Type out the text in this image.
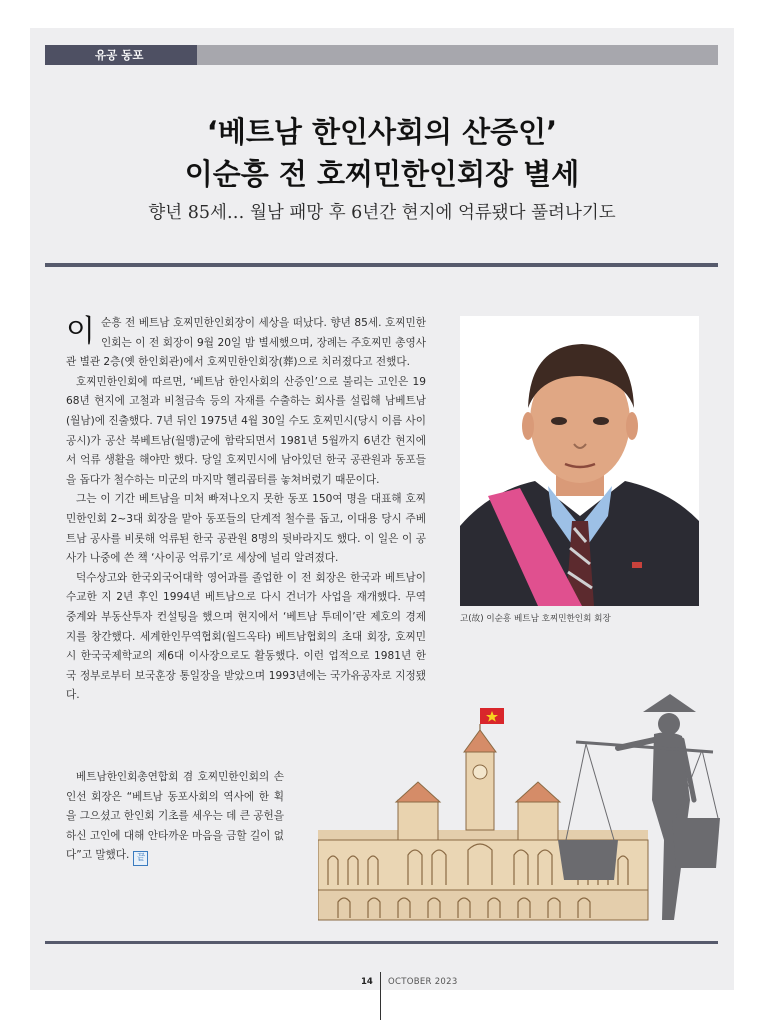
유공 동포
‘베트남 한인사회의 산증인’
이순흥 전 호찌민한인회장 별세

향년 85세… 월남 패망 후 6년간 현지에 억류됐다 풀려나기도

이순흥 전 베트남 호찌민한인회장이 세상을 떠났다. 향년 85세. 호찌민한인회는 이 전 회장이 9월 20일 밤 별세했으며, 장례는 주호찌민 총영사관 별관 2층(옛 한인회관)에서 호찌민한인회장(葬)으로 치러졌다고 전했다.

호찌민한인회에 따르면, ‘베트남 한인사회의 산증인’으로 불리는 고인은 1968년 현지에 고철과 비철금속 등의 자재를 수출하는 회사를 설립해 남베트남(월남)에 진출했다. 7년 뒤인 1975년 4월 30일 수도 호찌민시(당시 이름 사이공시)가 공산 북베트남(월맹)군에 함락되면서 1981년 5월까지 6년간 현지에서 억류 생활을 해야만 했다. 당일 호찌민시에 남아있던 한국 공관원과 동포들을 돕다가 철수하는 미군의 마지막 헬리콥터를 놓쳐버렸기 때문이다.

그는 이 기간 베트남을 미처 빠져나오지 못한 동포 150여 명을 대표해 호찌민한인회 2~3대 회장을 맡아 동포들의 단계적 철수를 돕고, 이대용 당시 주베트남 공사를 비롯해 억류된 한국 공관원 8명의 뒷바라지도 했다. 이 일은 이 공사가 나중에 쓴 책 ‘사이공 억류기’로 세상에 널리 알려졌다.

덕수상고와 한국외국어대학 영어과를 졸업한 이 전 회장은 한국과 베트남이 수교한 지 2년 후인 1994년 베트남으로 다시 건너가 사업을 재개했다. 무역 중계와 부동산투자 컨설팅을 했으며 현지에서 ‘베트남 투데이’란 제호의 경제지를 창간했다. 세계한인무역협회(월드옥타) 베트남협회의 초대 회장, 호찌민시 한국국제학교의 제6대 이사장으로도 활동했다. 이런 업적으로 1981년 한국 정부로부터 보국훈장 통일장을 받았으며 1993년에는 국가유공자로 지정됐다.

베트남한인회총연합회 겸 호찌민한인회의 손인선 회장은 “베트남 동포사회의 역사에 한 획을 그으셨고 한인회 기초를 세우는 데 큰 공헌을 하신 고인에 대해 안타까운 마음을 금할 길이 없다”고 말했다. 끝

고(故) 이순흥 베트남 호찌민한인회 회장
14 OCTOBER 2023
